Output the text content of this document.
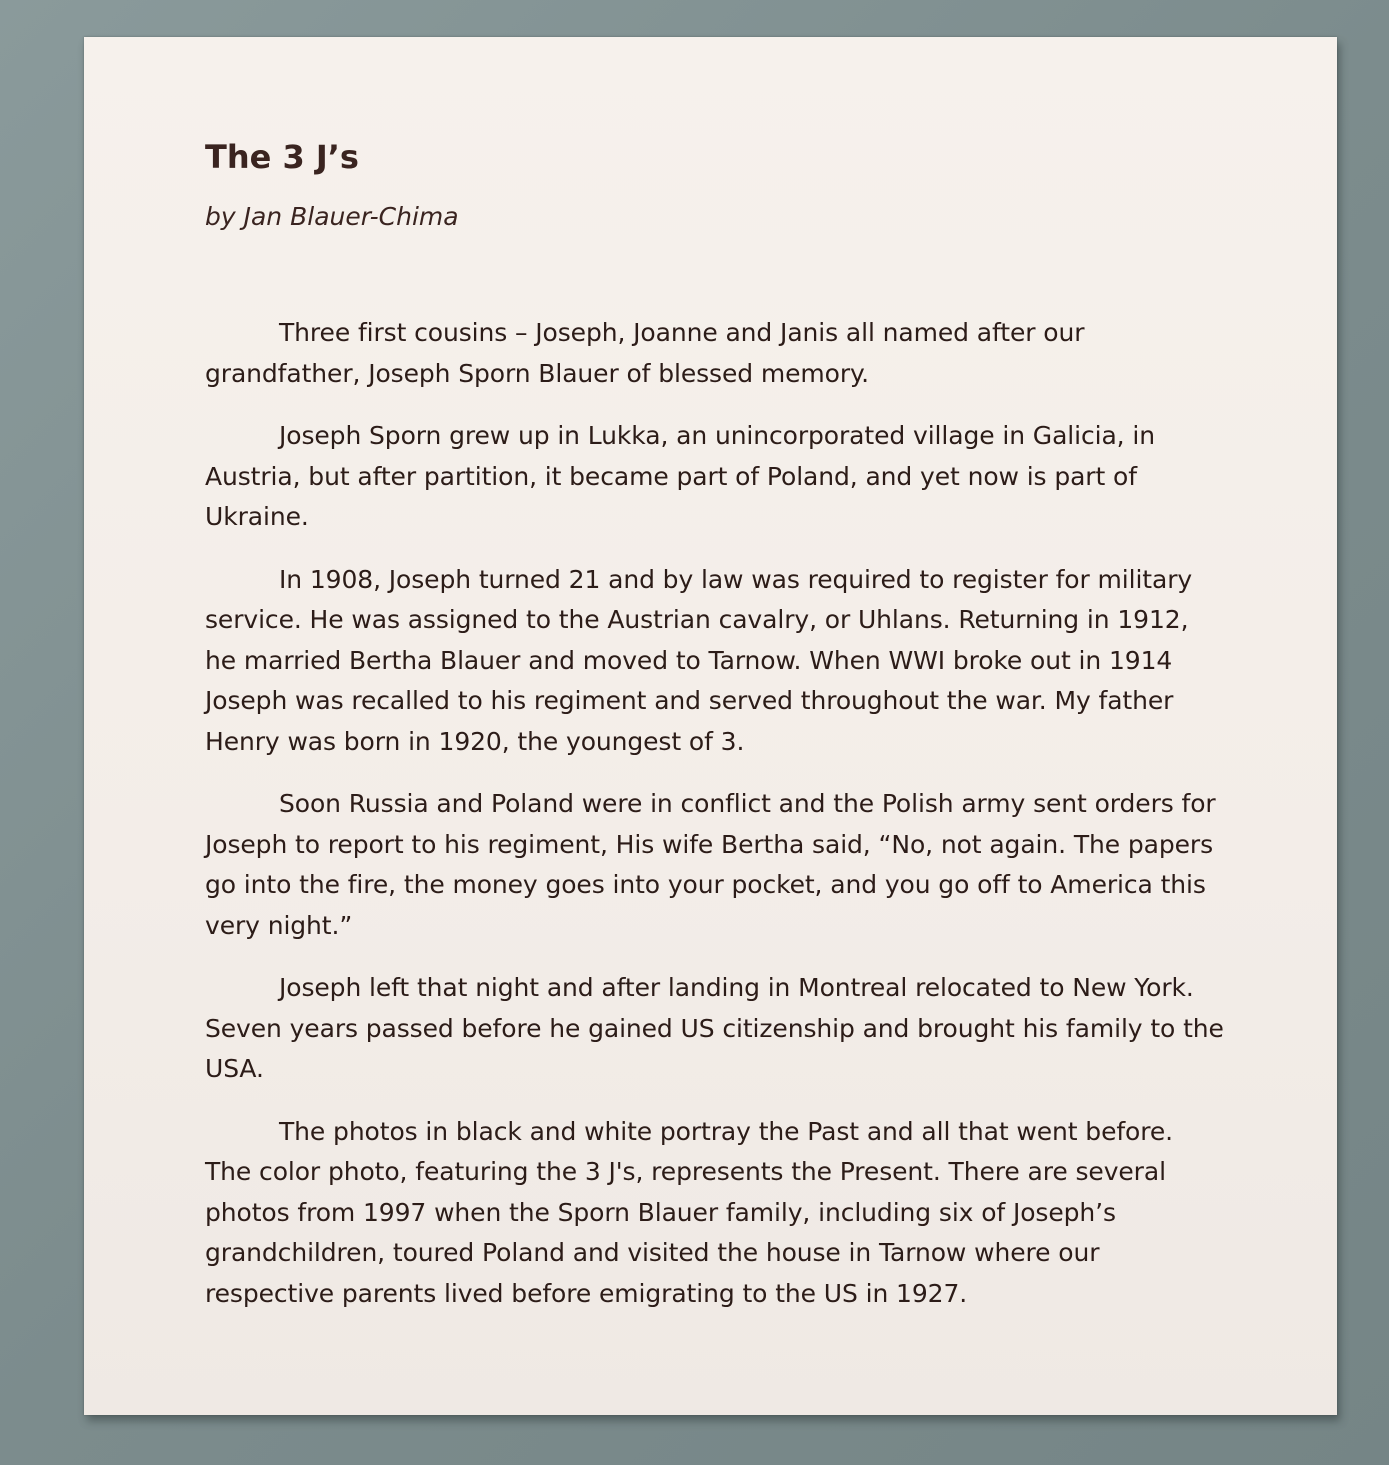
The 3 J’s
by Jan Blauer-Chima

Three first cousins – Joseph, Joanne and Janis all named after our grandfather, Joseph Sporn Blauer of blessed memory.

Joseph Sporn grew up in Lukka, an unincorporated village in Galicia, in Austria, but after partition, it became part of Poland, and yet now is part of Ukraine.

In 1908, Joseph turned 21 and by law was required to register for military service. He was assigned to the Austrian cavalry, or Uhlans. Returning in 1912, he married Bertha Blauer and moved to Tarnow. When WWI broke out in 1914 Joseph was recalled to his regiment and served throughout the war. My father Henry was born in 1920, the youngest of 3.

Soon Russia and Poland were in conflict and the Polish army sent orders for Joseph to report to his regiment, His wife Bertha said, “No, not again. The papers go into the fire, the money goes into your pocket, and you go off to America this very night.”

Joseph left that night and after landing in Montreal relocated to New York. Seven years passed before he gained US citizenship and brought his family to the USA.

The photos in black and white portray the Past and all that went before. The color photo, featuring the 3 J's, represents the Present. There are several photos from 1997 when the Sporn Blauer family, including six of Joseph’s grandchildren, toured Poland and visited the house in Tarnow where our respective parents lived before emigrating to the US in 1927.
